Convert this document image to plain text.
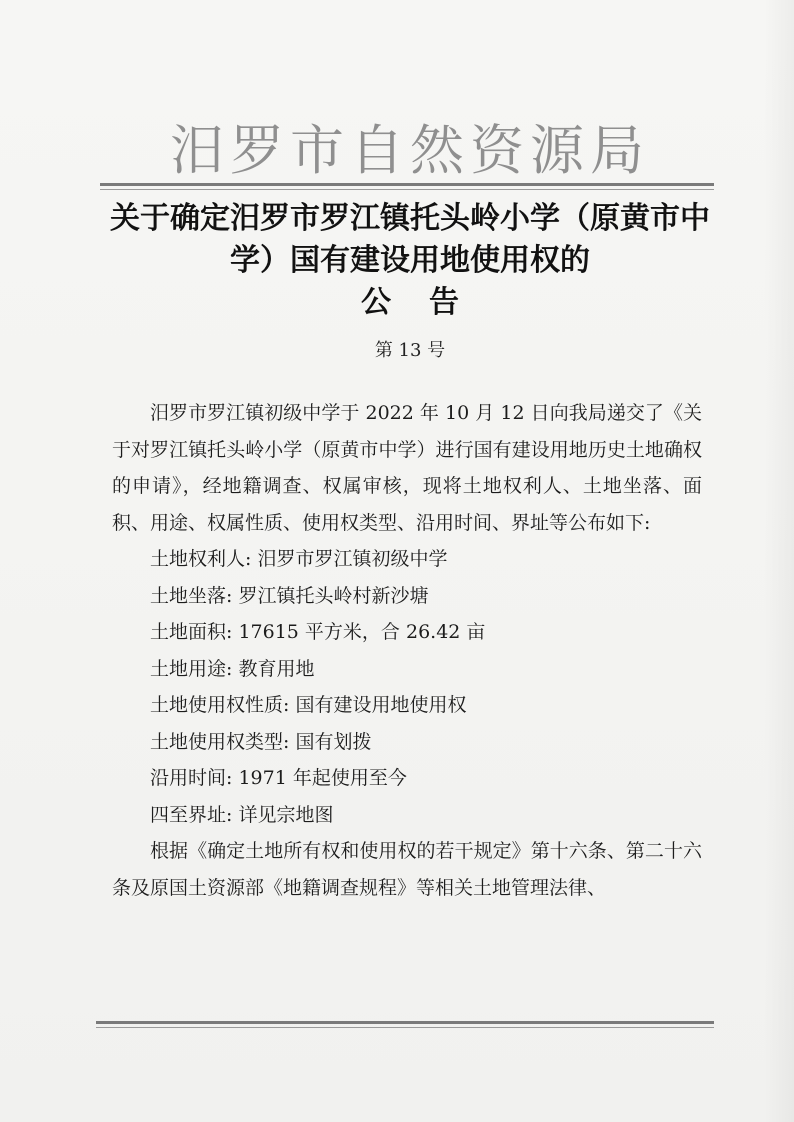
汨罗市自然资源局
关于确定汨罗市罗江镇托头岭小学（原黄市中
学）国有建设用地使用权的
公告
第 13 号

汨罗市罗江镇初级中学于 2022 年 10 月 12 日向我局递交了《关于对罗江镇托头岭小学（原黄市中学）进行国有建设用地历史土地确权的申请》，经地籍调查、权属审核，现将土地权利人、土地坐落、面积、用途、权属性质、使用权类型、沿用时间、界址等公布如下:

土地权利人: 汨罗市罗江镇初级中学

土地坐落: 罗江镇托头岭村新沙塘

土地面积: 17615 平方米，合 26.42 亩

土地用途: 教育用地

土地使用权性质: 国有建设用地使用权

土地使用权类型: 国有划拨

沿用时间: 1971 年起使用至今

四至界址: 详见宗地图

根据《确定土地所有权和使用权的若干规定》第十六条、第二十六条及原国土资源部《地籍调查规程》等相关土地管理法律、
